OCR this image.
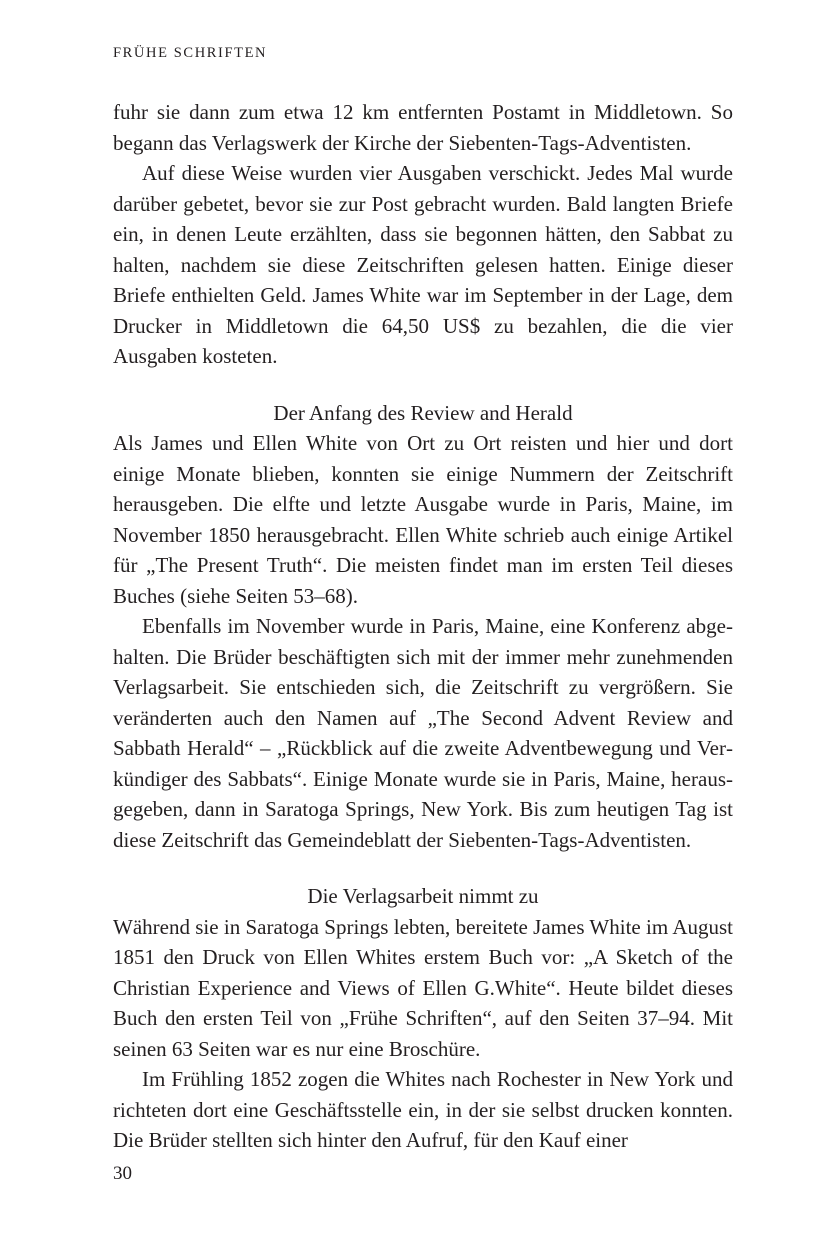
FRÜHE SCHRIFTEN

fuhr sie dann zum etwa 12 km entfernten Postamt in Middletown. So begann das Verlagswerk der Kirche der Siebenten-Tags-Adventisten.

Auf diese Weise wurden vier Ausgaben verschickt. Jedes Mal wurde darüber gebetet, bevor sie zur Post gebracht wurden. Bald langten Briefe ein, in denen Leute erzählten, dass sie begonnen hätten, den Sabbat zu halten, nachdem sie diese Zeitschriften gelesen hatten. Einige dieser Briefe enthielten Geld. James White war im September in der Lage, dem Drucker in Middletown die 64,50 US$ zu bezahlen, die die vier Ausgaben kosteten.

Der Anfang des Review and Herald

Als James und Ellen White von Ort zu Ort reisten und hier und dort einige Monate blieben, konnten sie einige Nummern der Zeitschrift herausgeben. Die elfte und letzte Ausgabe wurde in Paris, Maine, im November 1850 herausgebracht. Ellen White schrieb auch einige Artikel für „The Present Truth“. Die meisten findet man im ersten Teil dieses Buches (siehe Seiten 53–68).

Ebenfalls im November wurde in Paris, Maine, eine Konferenz abgehalten. Die Brüder beschäftigten sich mit der immer mehr zunehmenden Verlagsarbeit. Sie entschieden sich, die Zeitschrift zu vergrößern. Sie veränderten auch den Namen auf „The Second Advent Review and Sabbath Herald“ – „Rückblick auf die zweite Adventbewegung und Verkündiger des Sabbats“. Einige Monate wurde sie in Paris, Maine, herausgegeben, dann in Saratoga Springs, New York. Bis zum heutigen Tag ist diese Zeitschrift das Gemeindeblatt der Siebenten-Tags-Adventisten.

Die Verlagsarbeit nimmt zu

Während sie in Saratoga Springs lebten, bereitete James White im August 1851 den Druck von Ellen Whites erstem Buch vor: „A Sketch of the Christian Experience and Views of Ellen G.White“. Heute bildet dieses Buch den ersten Teil von „Frühe Schriften“, auf den Seiten 37–94. Mit seinen 63 Seiten war es nur eine Broschüre.

Im Frühling 1852 zogen die Whites nach Rochester in New York und richteten dort eine Geschäftsstelle ein, in der sie selbst drucken konnten. Die Brüder stellten sich hinter den Aufruf, für den Kauf einer

30
